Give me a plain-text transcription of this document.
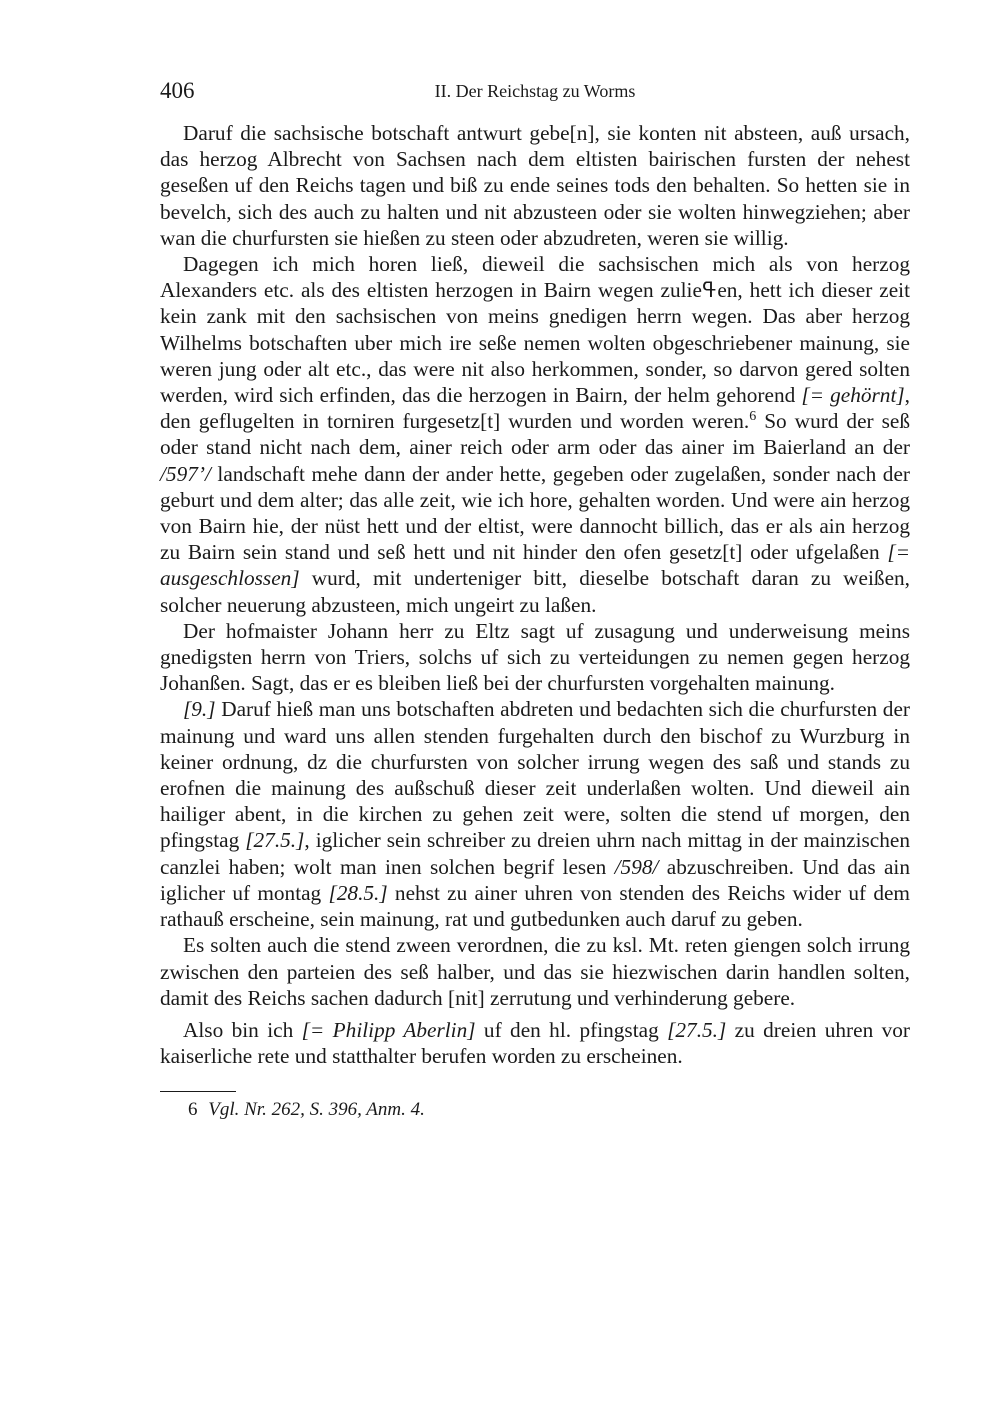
406	II. Der Reichstag zu Worms

Daruf die sachsische botschaft antwurt gebe[n], sie konten nit absteen, auß ursach, das herzog Albrecht von Sachsen nach dem eltisten bairischen fursten der nehest geseßen uf den Reichs tagen und biß zu ende seines tods den behalten. So hetten sie in bevelch, sich des auch zu halten und nit abzusteen oder sie wolten hinwegziehen; aber wan die churfursten sie hießen zu steen oder abzudreten, weren sie willig.

Dagegen ich mich horen ließ, dieweil die sachsischen mich als von herzog Alexanders etc. als des eltisten herzogen in Bairn wegen zulieߟen, hett ich dieser zeit kein zank mit den sachsischen von meins gnedigen herrn wegen. Das aber herzog Wilhelms botschaften uber mich ire seße nemen wolten obgeschriebener mainung, sie weren jung oder alt etc., das were nit also herkommen, sonder, so darvon gered solten werden, wird sich erfinden, das die herzogen in Bairn, der helm gehorend [= gehörnt], den geflugelten in torniren furgesetz[t] wurden und worden weren.$^6$ So wurd der seß oder stand nicht nach dem, ainer reich oder arm oder das ainer im Baierland an der /597’/ landschaft mehe dann der ander hette, gegeben oder zugelaßen, sonder nach der geburt und dem alter; das alle zeit, wie ich hore, gehalten worden. Und were ain herzog von Bairn hie, der nüst hett und der eltist, were dannocht billich, das er als ain herzog zu Bairn sein stand und seß hett und nit hinder den ofen gesetz[t] oder ufgelaßen [= ausgeschlossen] wurd, mit underteniger bitt, dieselbe botschaft daran zu weißen, solcher neuerung abzusteen, mich ungeirt zu laßen.

Der hofmaister Johann herr zu Eltz sagt uf zusagung und underweisung meins gnedigsten herrn von Triers, solchs uf sich zu verteidungen zu nemen gegen herzog Johanßen. Sagt, das er es bleiben ließ bei der churfursten vorgehalten mainung.

[9.] Daruf hieß man uns botschaften abdreten und bedachten sich die churfursten der mainung und ward uns allen stenden furgehalten durch den bischof zu Wurzburg in keiner ordnung, dz die churfursten von solcher irrung wegen des saß und stands zu erofnen die mainung des außschuß dieser zeit underlaßen wolten. Und dieweil ain hailiger abent, in die kirchen zu gehen zeit were, solten die stend uf morgen, den pfingstag [27.5.], iglicher sein schreiber zu dreien uhrn nach mittag in der mainzischen canzlei haben; wolt man inen solchen begrif lesen /598/ abzuschreiben. Und das ain iglicher uf montag [28.5.] nehst zu ainer uhren von stenden des Reichs wider uf dem rathauß erscheine, sein mainung, rat und gutbedunken auch daruf zu geben.

Es solten auch die stend zween verordnen, die zu ksl. Mt. reten giengen solch irrung zwischen den parteien des seß halber, und das sie hiezwischen darin handlen solten, damit des Reichs sachen dadurch [nit] zerrutung und verhinderung gebere.

Also bin ich [= Philipp Aberlin] uf den hl. pfingstag [27.5.] zu dreien uhren vor kaiserliche rete und statthalter berufen worden zu erscheinen.

6 Vgl. Nr. 262, S. 396, Anm. 4.
